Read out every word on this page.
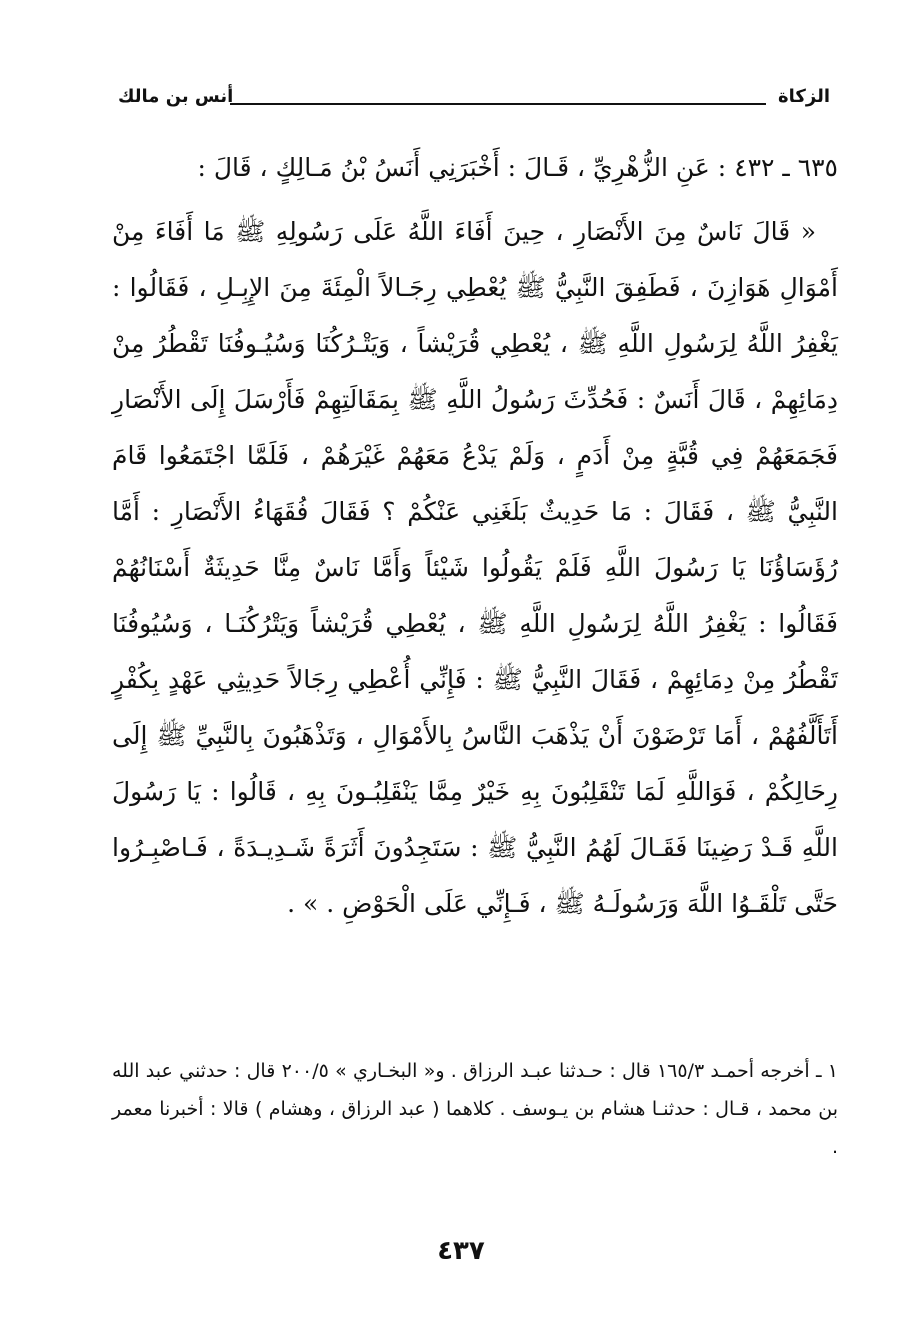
الزكاة
أنس بن مالك

٦٣٥ ـ ٤٣٢ : عَنِ الزُّهْرِيِّ ، قَـالَ : أَخْبَرَنِي أَنَسُ بْنُ مَـالِكٍ ، قَالَ :

« قَالَ نَاسٌ مِنَ الأَنْصَارِ ، حِينَ أَفَاءَ اللَّهُ عَلَى رَسُولِهِ ﷺ مَا أَفَاءَ مِنْ أَمْوَالِ هَوَازِنَ ، فَطَفِقَ النَّبِيُّ ﷺ يُعْطِي رِجَـالاً الْمِئَةَ مِنَ الإِبِـلِ ، فَقَالُوا : يَغْفِرُ اللَّهُ لِرَسُولِ اللَّهِ ﷺ ، يُعْطِي قُرَيْشاً ، وَيَتْـرُكُنَا وَسُيُـوفُنَا تَقْطُرُ مِنْ دِمَائِهِمْ ، قَالَ أَنَسٌ : فَحُدِّثَ رَسُولُ اللَّهِ ﷺ بِمَقَالَتِهِمْ فَأَرْسَلَ إِلَى الأَنْصَارِ فَجَمَعَهُمْ فِي قُبَّةٍ مِنْ أَدَمٍ ، وَلَمْ يَدْعُ مَعَهُمْ غَيْرَهُمْ ، فَلَمَّا اجْتَمَعُوا قَامَ النَّبِيُّ ﷺ ، فَقَالَ : مَا حَدِيثٌ بَلَغَنِي عَنْكُمْ ؟ فَقَالَ فُقَهَاءُ الأَنْصَارِ : أَمَّا رُؤَسَاؤُنَا يَا رَسُولَ اللَّهِ فَلَمْ يَقُولُوا شَيْئاً وَأَمَّا نَاسٌ مِنَّا حَدِيثَةٌ أَسْنَانُهُمْ فَقَالُوا : يَغْفِرُ اللَّهُ لِرَسُولِ اللَّهِ ﷺ ، يُعْطِي قُرَيْشاً وَيَتْرُكُنَـا ، وَسُيُوفُنَا تَقْطُرُ مِنْ دِمَائِهِمْ ، فَقَالَ النَّبِيُّ ﷺ : فَإِنِّي أُعْطِي رِجَالاً حَدِيثِي عَهْدٍ بِكُفْرٍ أَتَأَلَّفُهُمْ ، أَمَا تَرْضَوْنَ أَنْ يَذْهَبَ النَّاسُ بِالأَمْوَالِ ، وَتَذْهَبُونَ بِالنَّبِيِّ ﷺ إِلَى رِحَالِكُمْ ، فَوَاللَّهِ لَمَا تَنْقَلِبُونَ بِهِ خَيْرٌ مِمَّا يَنْقَلِبُـونَ بِهِ ، قَالُوا : يَا رَسُولَ اللَّهِ قَـدْ رَضِينَا فَقَـالَ لَهُمُ النَّبِيُّ ﷺ : سَتَجِدُونَ أَثَرَةً شَـدِيـدَةً ، فَـاصْبِـرُوا حَتَّى تَلْقَـوُا اللَّهَ وَرَسُولَـهُ ﷺ ، فَـإِنِّي عَلَى الْحَوْضِ . » .

١ ـ أخرجه أحمـد ١٦٥/٣ قال : حـدثنا عبـد الرزاق . و« البخـاري » ٢٠٠/٥ قال : حدثني عبد الله بن محمد ، قـال : حدثنـا هشام بن يـوسف . كلاهما ( عبد الرزاق ، وهشام ) قالا : أخبرنا معمر .

٤٣٧
